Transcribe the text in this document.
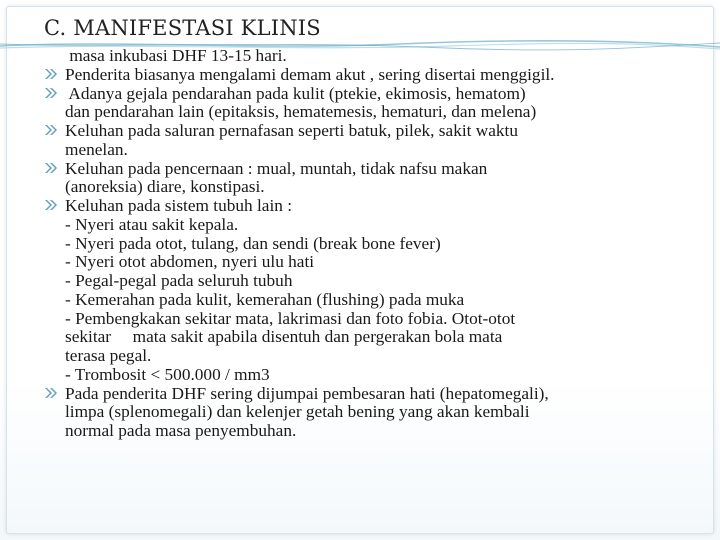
C. MANIFESTASI KLINIS
masa inkubasi DHF 13-15 hari.
Penderita biasanya mengalami demam akut , sering disertai menggigil.
Adanya gejala pendarahan pada kulit (ptekie, ekimosis, hematom)
dan pendarahan lain (epitaksis, hematemesis, hematuri, dan melena)
Keluhan pada saluran pernafasan seperti batuk, pilek, sakit waktu
menelan.
Keluhan pada pencernaan : mual, muntah, tidak nafsu makan
(anoreksia) diare, konstipasi.
Keluhan pada sistem tubuh lain :
- Nyeri atau sakit kepala.
- Nyeri pada otot, tulang, dan sendi (break bone fever)
- Nyeri otot abdomen, nyeri ulu hati
- Pegal-pegal pada seluruh tubuh
- Kemerahan pada kulit, kemerahan (flushing) pada muka
- Pembengkakan sekitar mata, lakrimasi dan foto fobia. Otot-otot
sekitar     mata sakit apabila disentuh dan pergerakan bola mata
terasa pegal.
- Trombosit < 500.000 / mm3
Pada penderita DHF sering dijumpai pembesaran hati (hepatomegali),
limpa (splenomegali) dan kelenjer getah bening yang akan kembali
normal pada masa penyembuhan.
